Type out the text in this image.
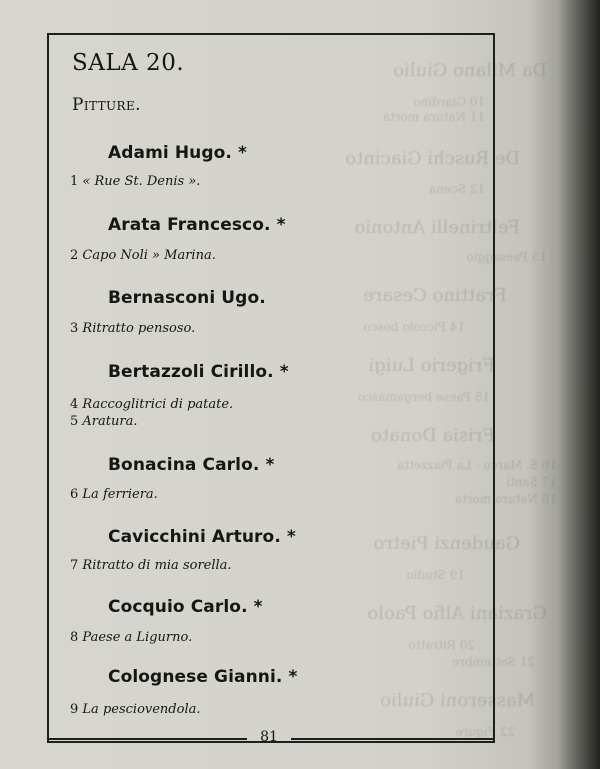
Da Milano Giulio
10 Giardino
11 Natura morta
De Ruschi Giacinto
12 Scena
Feltrinelli Antonio
13 Paesaggio
Frattino Cesare
14 Piccolo bosco
Frigerio Luigi
15 Paese bergamasco
Frisia Donato
16 S. Marco - La Piazzetta
17 Santi
18 Natura morta
Gaudenzi Pietro
19 Studio
Graziani Alfio Paolo
20 Ritratto
21 Settembre
Masseroni Giulio
22 Figure
SALA 20.
Pitture.
Adami Hugo. *
1 « Rue St. Denis ».
Arata Francesco. *
2 Capo Noli » Marina.
Bernasconi Ugo.
3 Ritratto pensoso.
Bertazzoli Cirillo. *
4 Raccoglitrici di patate.
5 Aratura.
Bonacina Carlo. *
6 La ferriera.
Cavicchini Arturo. *
7 Ritratto di mia sorella.
Cocquio Carlo. *
8 Paese a Ligurno.
Colognese Gianni. *
9 La pesciovendola.
81
